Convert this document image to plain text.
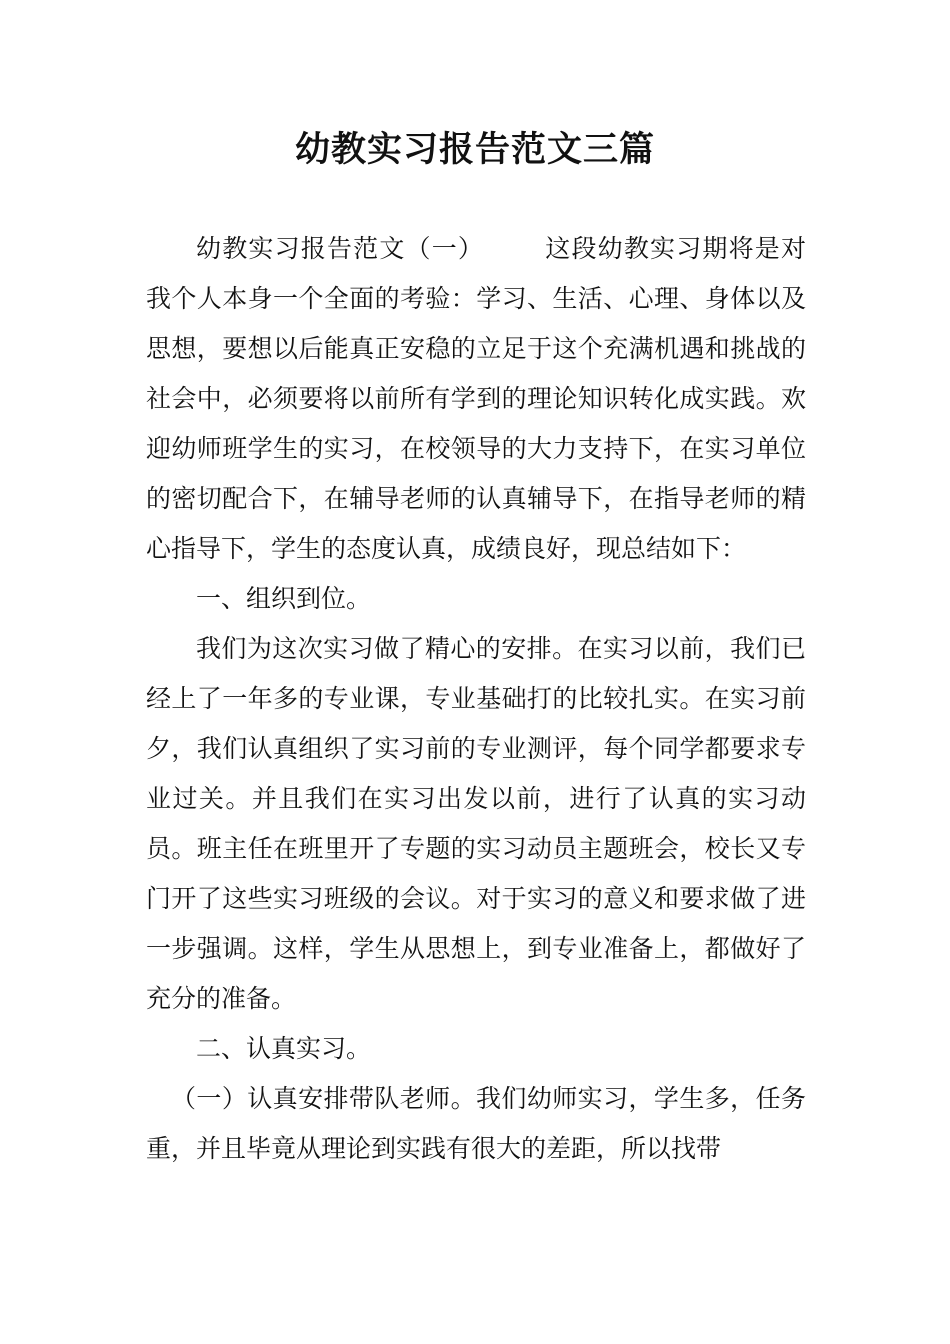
幼教实习报告范文三篇

幼教实习报告范文（一） 这段幼教实习期将是对我个人本身一个全面的考验：学习、生活、心理、身体以及思想，要想以后能真正安稳的立足于这个充满机遇和挑战的社会中，必须要将以前所有学到的理论知识转化成实践。欢迎幼师班学生的实习，在校领导的大力支持下，在实习单位的密切配合下，在辅导老师的认真辅导下，在指导老师的精心指导下，学生的态度认真，成绩良好，现总结如下：

一、组织到位。

我们为这次实习做了精心的安排。在实习以前，我们已经上了一年多的专业课，专业基础打的比较扎实。在实习前夕，我们认真组织了实习前的专业测评，每个同学都要求专业过关。并且我们在实习出发以前，进行了认真的实习动员。班主任在班里开了专题的实习动员主题班会，校长又专门开了这些实习班级的会议。对于实习的意义和要求做了进一步强调。这样，学生从思想上，到专业准备上，都做好了充分的准备。

二、认真实习。

（一）认真安排带队老师。我们幼师实习，学生多，任务重，并且毕竟从理论到实践有很大的差距，所以找带
